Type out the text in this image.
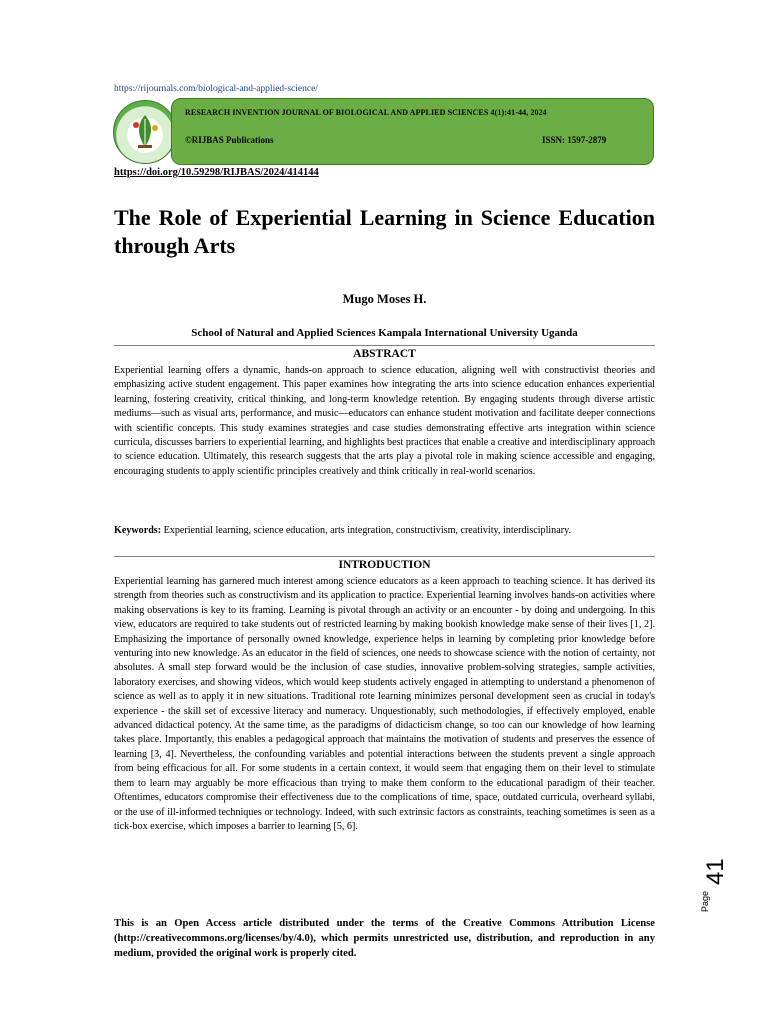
https://rijournals.com/biological-and-applied-science/
RESEARCH INVENTION JOURNAL OF BIOLOGICAL AND APPLIED SCIENCES 4(1):41-44, 2024
©RIJBAS Publications	ISSN: 1597-2879
https://doi.org/10.59298/RIJBAS/2024/414144
The Role of Experiential Learning in Science Education through Arts
Mugo Moses H.
School of Natural and Applied Sciences Kampala International University Uganda
ABSTRACT

Experiential learning offers a dynamic, hands-on approach to science education, aligning well with constructivist theories and emphasizing active student engagement. This paper examines how integrating the arts into science education enhances experiential learning, fostering creativity, critical thinking, and long-term knowledge retention. By engaging students through diverse artistic mediums—such as visual arts, performance, and music—educators can enhance student motivation and facilitate deeper connections with scientific concepts. This study examines strategies and case studies demonstrating effective arts integration within science curricula, discusses barriers to experiential learning, and highlights best practices that enable a creative and interdisciplinary approach to science education. Ultimately, this research suggests that the arts play a pivotal role in making science accessible and engaging, encouraging students to apply scientific principles creatively and think critically in real-world scenarios.

Keywords: Experiential learning, science education, arts integration, constructivism, creativity, interdisciplinary.

INTRODUCTION

Experiential learning has garnered much interest among science educators as a keen approach to teaching science. It has derived its strength from theories such as constructivism and its application to practice. Experiential learning involves hands-on activities where making observations is key to its framing. Learning is pivotal through an activity or an encounter - by doing and undergoing. In this view, educators are required to take students out of restricted learning by making bookish knowledge make sense of their lives [1, 2]. Emphasizing the importance of personally owned knowledge, experience helps in learning by completing prior knowledge before venturing into new knowledge. As an educator in the field of sciences, one needs to showcase science with the notion of certainty, not absolutes. A small step forward would be the inclusion of case studies, innovative problem-solving strategies, sample activities, laboratory exercises, and showing videos, which would keep students actively engaged in attempting to understand a phenomenon of science as well as to apply it in new situations. Traditional rote learning minimizes personal development seen as crucial in today's experience - the skill set of excessive literacy and numeracy. Unquestionably, such methodologies, if effectively employed, enable advanced didactical potency. At the same time, as the paradigms of didacticism change, so too can our knowledge of how learning takes place. Importantly, this enables a pedagogical approach that maintains the motivation of students and preserves the essence of learning [3, 4]. Nevertheless, the confounding variables and potential interactions between the students prevent a single approach from being efficacious for all. For some students in a certain context, it would seem that engaging them on their level to stimulate them to learn may arguably be more efficacious than trying to make them conform to the educational paradigm of their teacher. Oftentimes, educators compromise their effectiveness due to the complications of time, space, outdated curricula, overheard syllabi, or the use of ill-informed techniques or technology. Indeed, with such extrinsic factors as constraints, teaching sometimes is seen as a tick-box exercise, which imposes a barrier to learning [5, 6].

This is an Open Access article distributed under the terms of the Creative Commons Attribution License (http://creativecommons.org/licenses/by/4.0), which permits unrestricted use, distribution, and reproduction in any medium, provided the original work is properly cited.

Page
41
